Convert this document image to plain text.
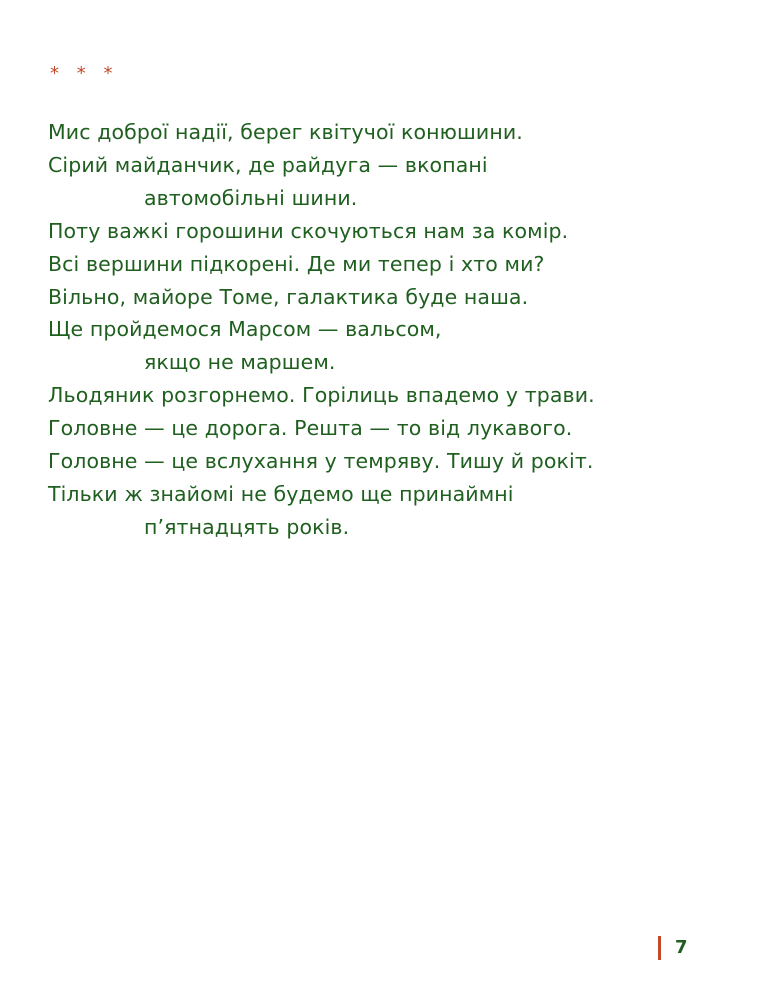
* * *
Мис доброї надії, берег квітучої конюшини.
Сірий майданчик, де райдуга — вкопані
автомобільні шини.
Поту важкі горошини скочуються нам за комір.
Всі вершини підкорені. Де ми тепер і хто ми?
Вільно, майоре Томе, галактика буде наша.
Ще пройдемося Марсом — вальсом,
якщо не маршем.
Льодяник розгорнемо. Горілиць впадемо у трави.
Головне — це дорога. Решта — то від лукавого.
Головне — це вслухання у темряву. Тишу й рокіт.
Тільки ж знайомі не будемо ще принаймні
п’ятнадцять років.
7
